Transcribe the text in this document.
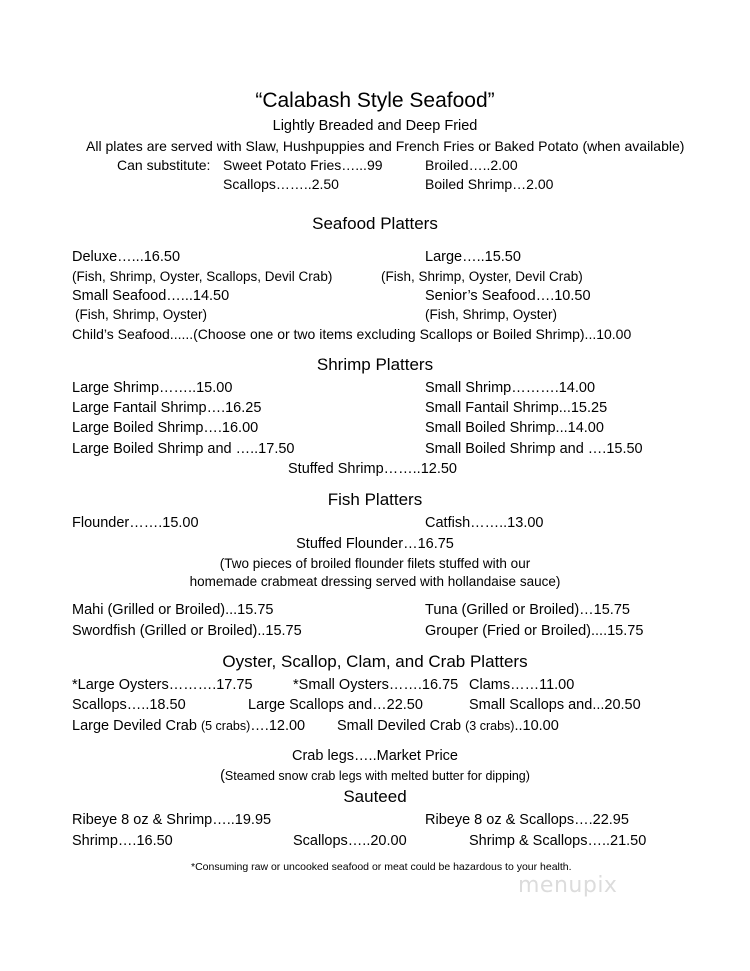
“Calabash Style Seafood”
Lightly Breaded and Deep Fried
All plates are served with Slaw, Hushpuppies and French Fries or Baked Potato (when available)
Can substitute: Sweet Potato Fries…...99	Broiled…..2.00
Scallops……..2.50	Boiled Shrimp…2.00
Seafood Platters
Deluxe…...16.50	Large…..15.50
(Fish, Shrimp, Oyster, Scallops, Devil Crab)	(Fish, Shrimp, Oyster, Devil Crab)
Small Seafood…...14.50	Senior’s Seafood….10.50
(Fish, Shrimp, Oyster)	(Fish, Shrimp, Oyster)
Child’s Seafood......(Choose one or two items excluding Scallops or Boiled Shrimp)...10.00
Shrimp Platters
Large Shrimp……..15.00	Small Shrimp……….14.00
Large Fantail Shrimp….16.25	Small Fantail Shrimp...15.25
Large Boiled Shrimp….16.00	Small Boiled Shrimp...14.00
Large Boiled Shrimp and …..17.50	Small Boiled Shrimp and ….15.50
Stuffed Shrimp……..12.50
Fish Platters
Flounder…….15.00	Catfish……..13.00
Stuffed Flounder…16.75
(Two pieces of broiled flounder filets stuffed with our
homemade crabmeat dressing served with hollandaise sauce)
Mahi (Grilled or Broiled)...15.75	Tuna (Grilled or Broiled)…15.75
Swordfish (Grilled or Broiled)..15.75	Grouper (Fried or Broiled)....15.75
Oyster, Scallop, Clam, and Crab Platters
*Large Oysters……….17.75	*Small Oysters…….16.75 Clams……11.00
Scallops…..18.50	Large Scallops and…22.50	Small Scallops and...20.50
Large Deviled Crab (5 crabs)….12.00 Small Deviled Crab (3 crabs)..10.00
Crab legs…..Market Price
(Steamed snow crab legs with melted butter for dipping)
Sauteed
Ribeye 8 oz & Shrimp…..19.95	Ribeye 8 oz & Scallops….22.95
Shrimp….16.50	Scallops…..20.00	Shrimp & Scallops…..21.50
*Consuming raw or uncooked seafood or meat could be hazardous to your health.
menupix
